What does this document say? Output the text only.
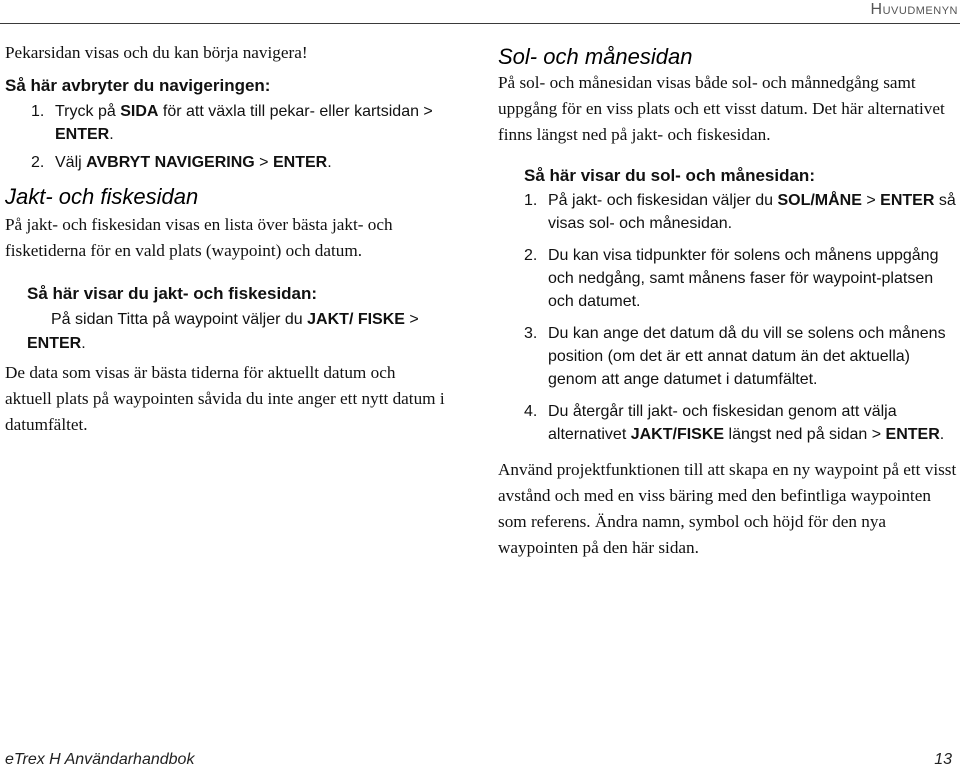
Huvudmenyn

Pekarsidan visas och du kan börja navigera!

Så här avbryter du navigeringen:

1. Tryck på SIDA för att växla till pekar- eller kartsidan > ENTER.
2. Välj AVBRYT NAVIGERING > ENTER.

Jakt- och fiskesidan

På jakt- och fiskesidan visas en lista över bästa jakt- och fisketiderna för en vald plats (waypoint) och datum.

Så här visar du jakt- och fiskesidan:

På sidan Titta på waypoint väljer du JAKT/ FISKE > ENTER.

De data som visas är bästa tiderna för aktuellt datum och aktuell plats på waypointen såvida du inte anger ett nytt datum i datumfältet.

Sol- och månesidan

På sol- och månesidan visas både sol- och månnedgång samt uppgång för en viss plats och ett visst datum. Det här alternativet finns längst ned på jakt- och fiskesidan.

Så här visar du sol- och månesidan:

1. På jakt- och fiskesidan väljer du SOL/MÅNE > ENTER så visas sol- och månesidan.
2. Du kan visa tidpunkter för solens och månens uppgång och nedgång, samt månens faser för waypoint-platsen och datumet.
3. Du kan ange det datum då du vill se solens och månens position (om det är ett annat datum än det aktuella) genom att ange datumet i datumfältet.
4. Du återgår till jakt- och fiskesidan genom att välja alternativet JAKT/FISKE längst ned på sidan > ENTER.

Använd projektfunktionen till att skapa en ny waypoint på ett visst avstånd och med en viss bäring med den befintliga waypointen som referens. Ändra namn, symbol och höjd för den nya waypointen på den här sidan.

eTrex H Användarhandbok	13
